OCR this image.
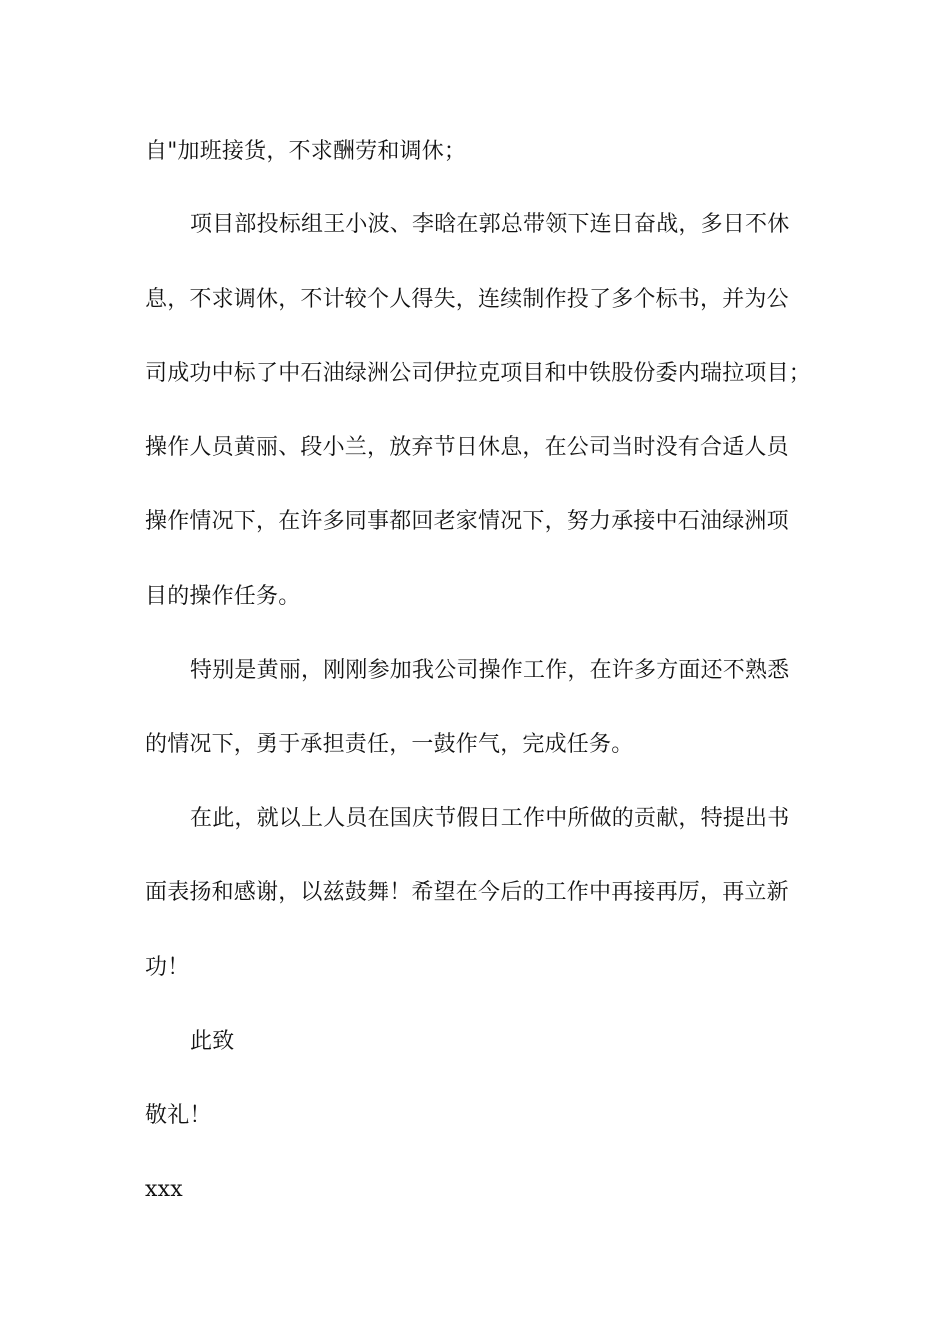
自"加班接货，不求酬劳和调休；
项目部投标组王小波、李晗在郭总带领下连日奋战，多日不休
息，不求调休，不计较个人得失，连续制作投了多个标书，并为公
司成功中标了中石油绿洲公司伊拉克项目和中铁股份委内瑞拉项目；
操作人员黄丽、段小兰，放弃节日休息，在公司当时没有合适人员
操作情况下，在许多同事都回老家情况下，努力承接中石油绿洲项
目的操作任务。
特别是黄丽，刚刚参加我公司操作工作，在许多方面还不熟悉
的情况下，勇于承担责任，一鼓作气，完成任务。
在此，就以上人员在国庆节假日工作中所做的贡献，特提出书
面表扬和感谢，以兹鼓舞！希望在今后的工作中再接再厉，再立新
功！
此致
敬礼！
xxx
